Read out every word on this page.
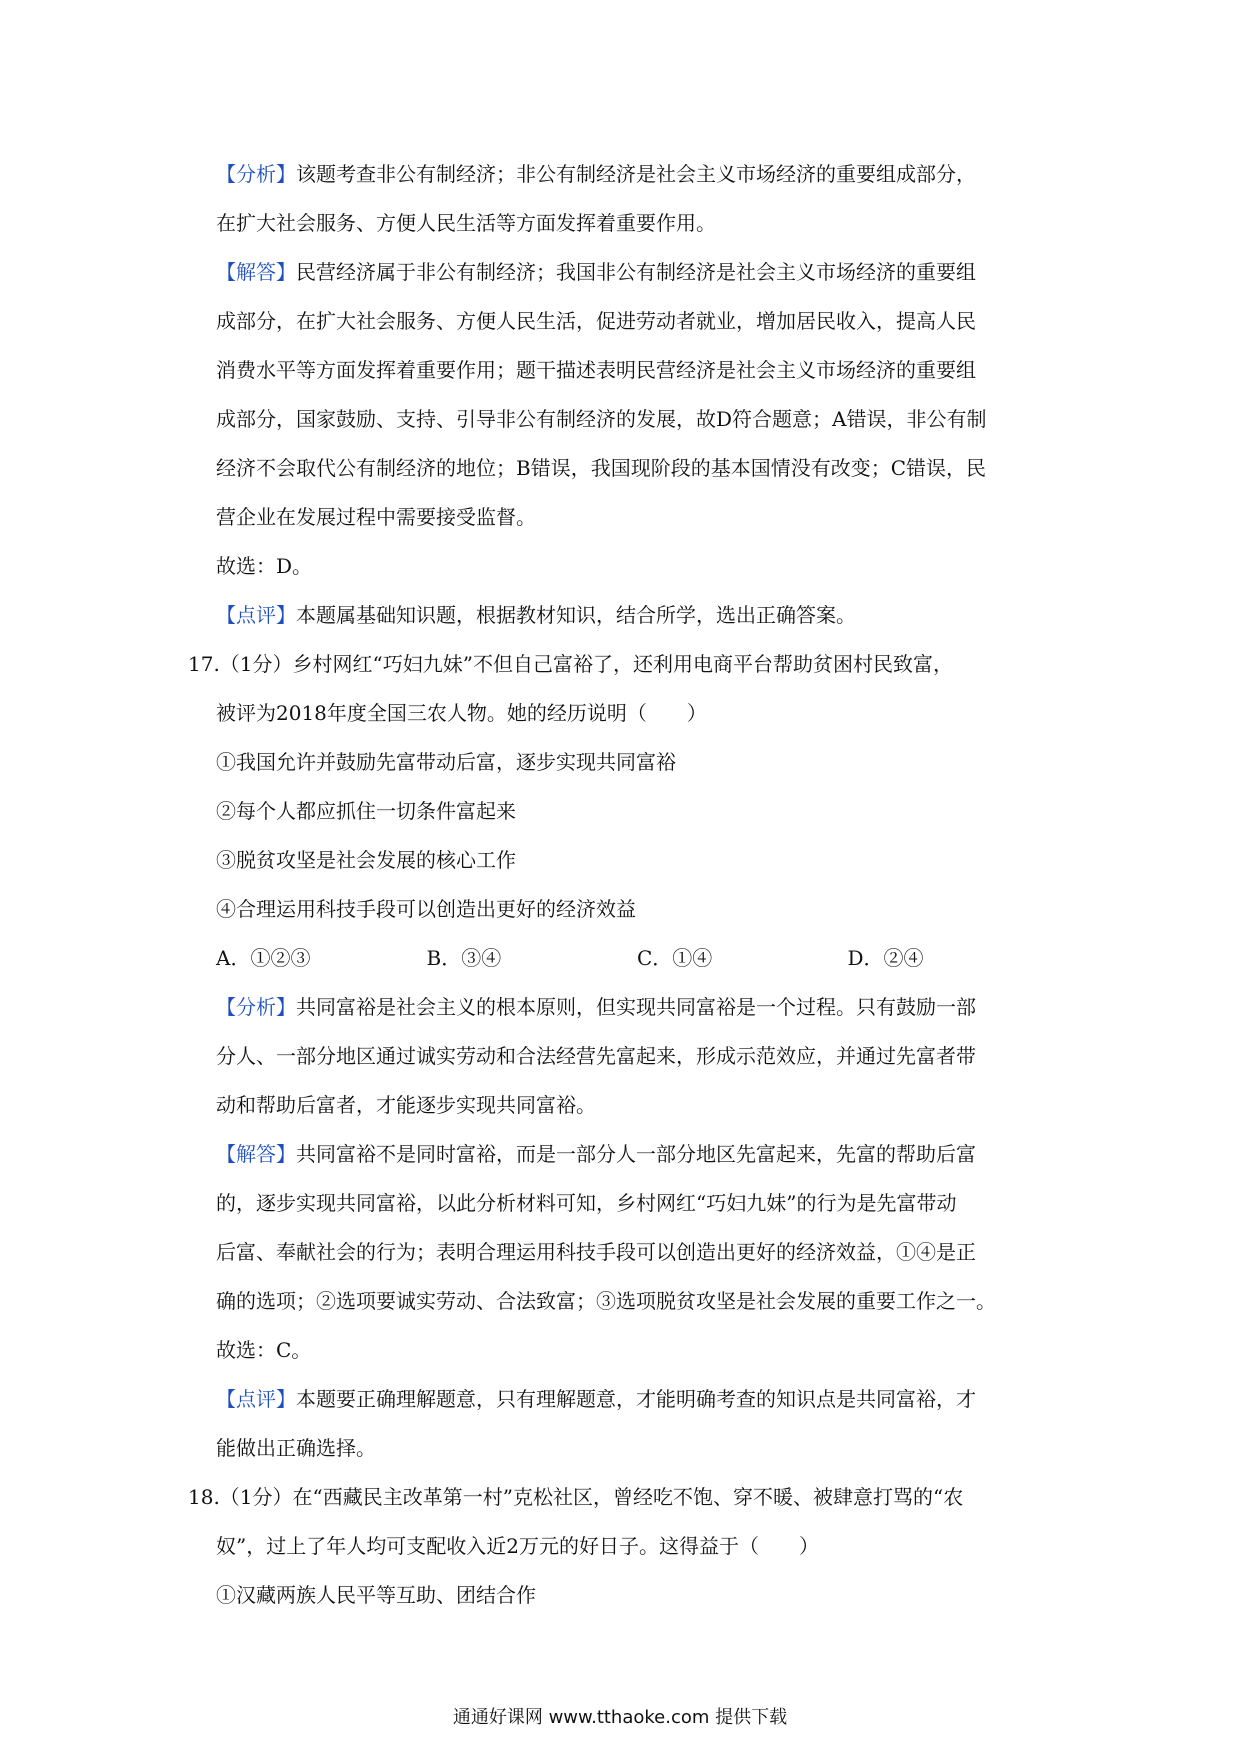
【分析】该题考查非公有制经济；非公有制经济是社会主义市场经济的重要组成部分，

在扩大社会服务、方便人民生活等方面发挥着重要作用。

【解答】民营经济属于非公有制经济；我国非公有制经济是社会主义市场经济的重要组

成部分，在扩大社会服务、方便人民生活，促进劳动者就业，增加居民收入，提高人民

消费水平等方面发挥着重要作用；题干描述表明民营经济是社会主义市场经济的重要组

成部分，国家鼓励、支持、引导非公有制经济的发展，故D符合题意；A错误，非公有制

经济不会取代公有制经济的地位；B错误，我国现阶段的基本国情没有改变；C错误，民

营企业在发展过程中需要接受监督。

故选：D。

【点评】本题属基础知识题，根据教材知识，结合所学，选出正确答案。

17.（1分）乡村网红“巧妇九妹”不但自己富裕了，还利用电商平台帮助贫困村民致富，

被评为2018年度全国三农人物。她的经历说明（　　）

①我国允许并鼓励先富带动后富，逐步实现共同富裕

②每个人都应抓住一切条件富起来

③脱贫攻坚是社会发展的核心工作

④合理运用科技手段可以创造出更好的经济效益

A．①②③	B．③④	C．①④	D．②④

【分析】共同富裕是社会主义的根本原则，但实现共同富裕是一个过程。只有鼓励一部

分人、一部分地区通过诚实劳动和合法经营先富起来，形成示范效应，并通过先富者带

动和帮助后富者，才能逐步实现共同富裕。

【解答】共同富裕不是同时富裕，而是一部分人一部分地区先富起来，先富的帮助后富

的，逐步实现共同富裕，以此分析材料可知，乡村网红“巧妇九妹”的行为是先富带动

后富、奉献社会的行为；表明合理运用科技手段可以创造出更好的经济效益，①④是正

确的选项；②选项要诚实劳动、合法致富；③选项脱贫攻坚是社会发展的重要工作之一。

故选：C。

【点评】本题要正确理解题意，只有理解题意，才能明确考查的知识点是共同富裕，才

能做出正确选择。

18.（1分）在“西藏民主改革第一村”克松社区，曾经吃不饱、穿不暖、被肆意打骂的“农

奴”，过上了年人均可支配收入近2万元的好日子。这得益于（　　）

①汉藏两族人民平等互助、团结合作

通通好课网 www.tthaoke.com 提供下载
